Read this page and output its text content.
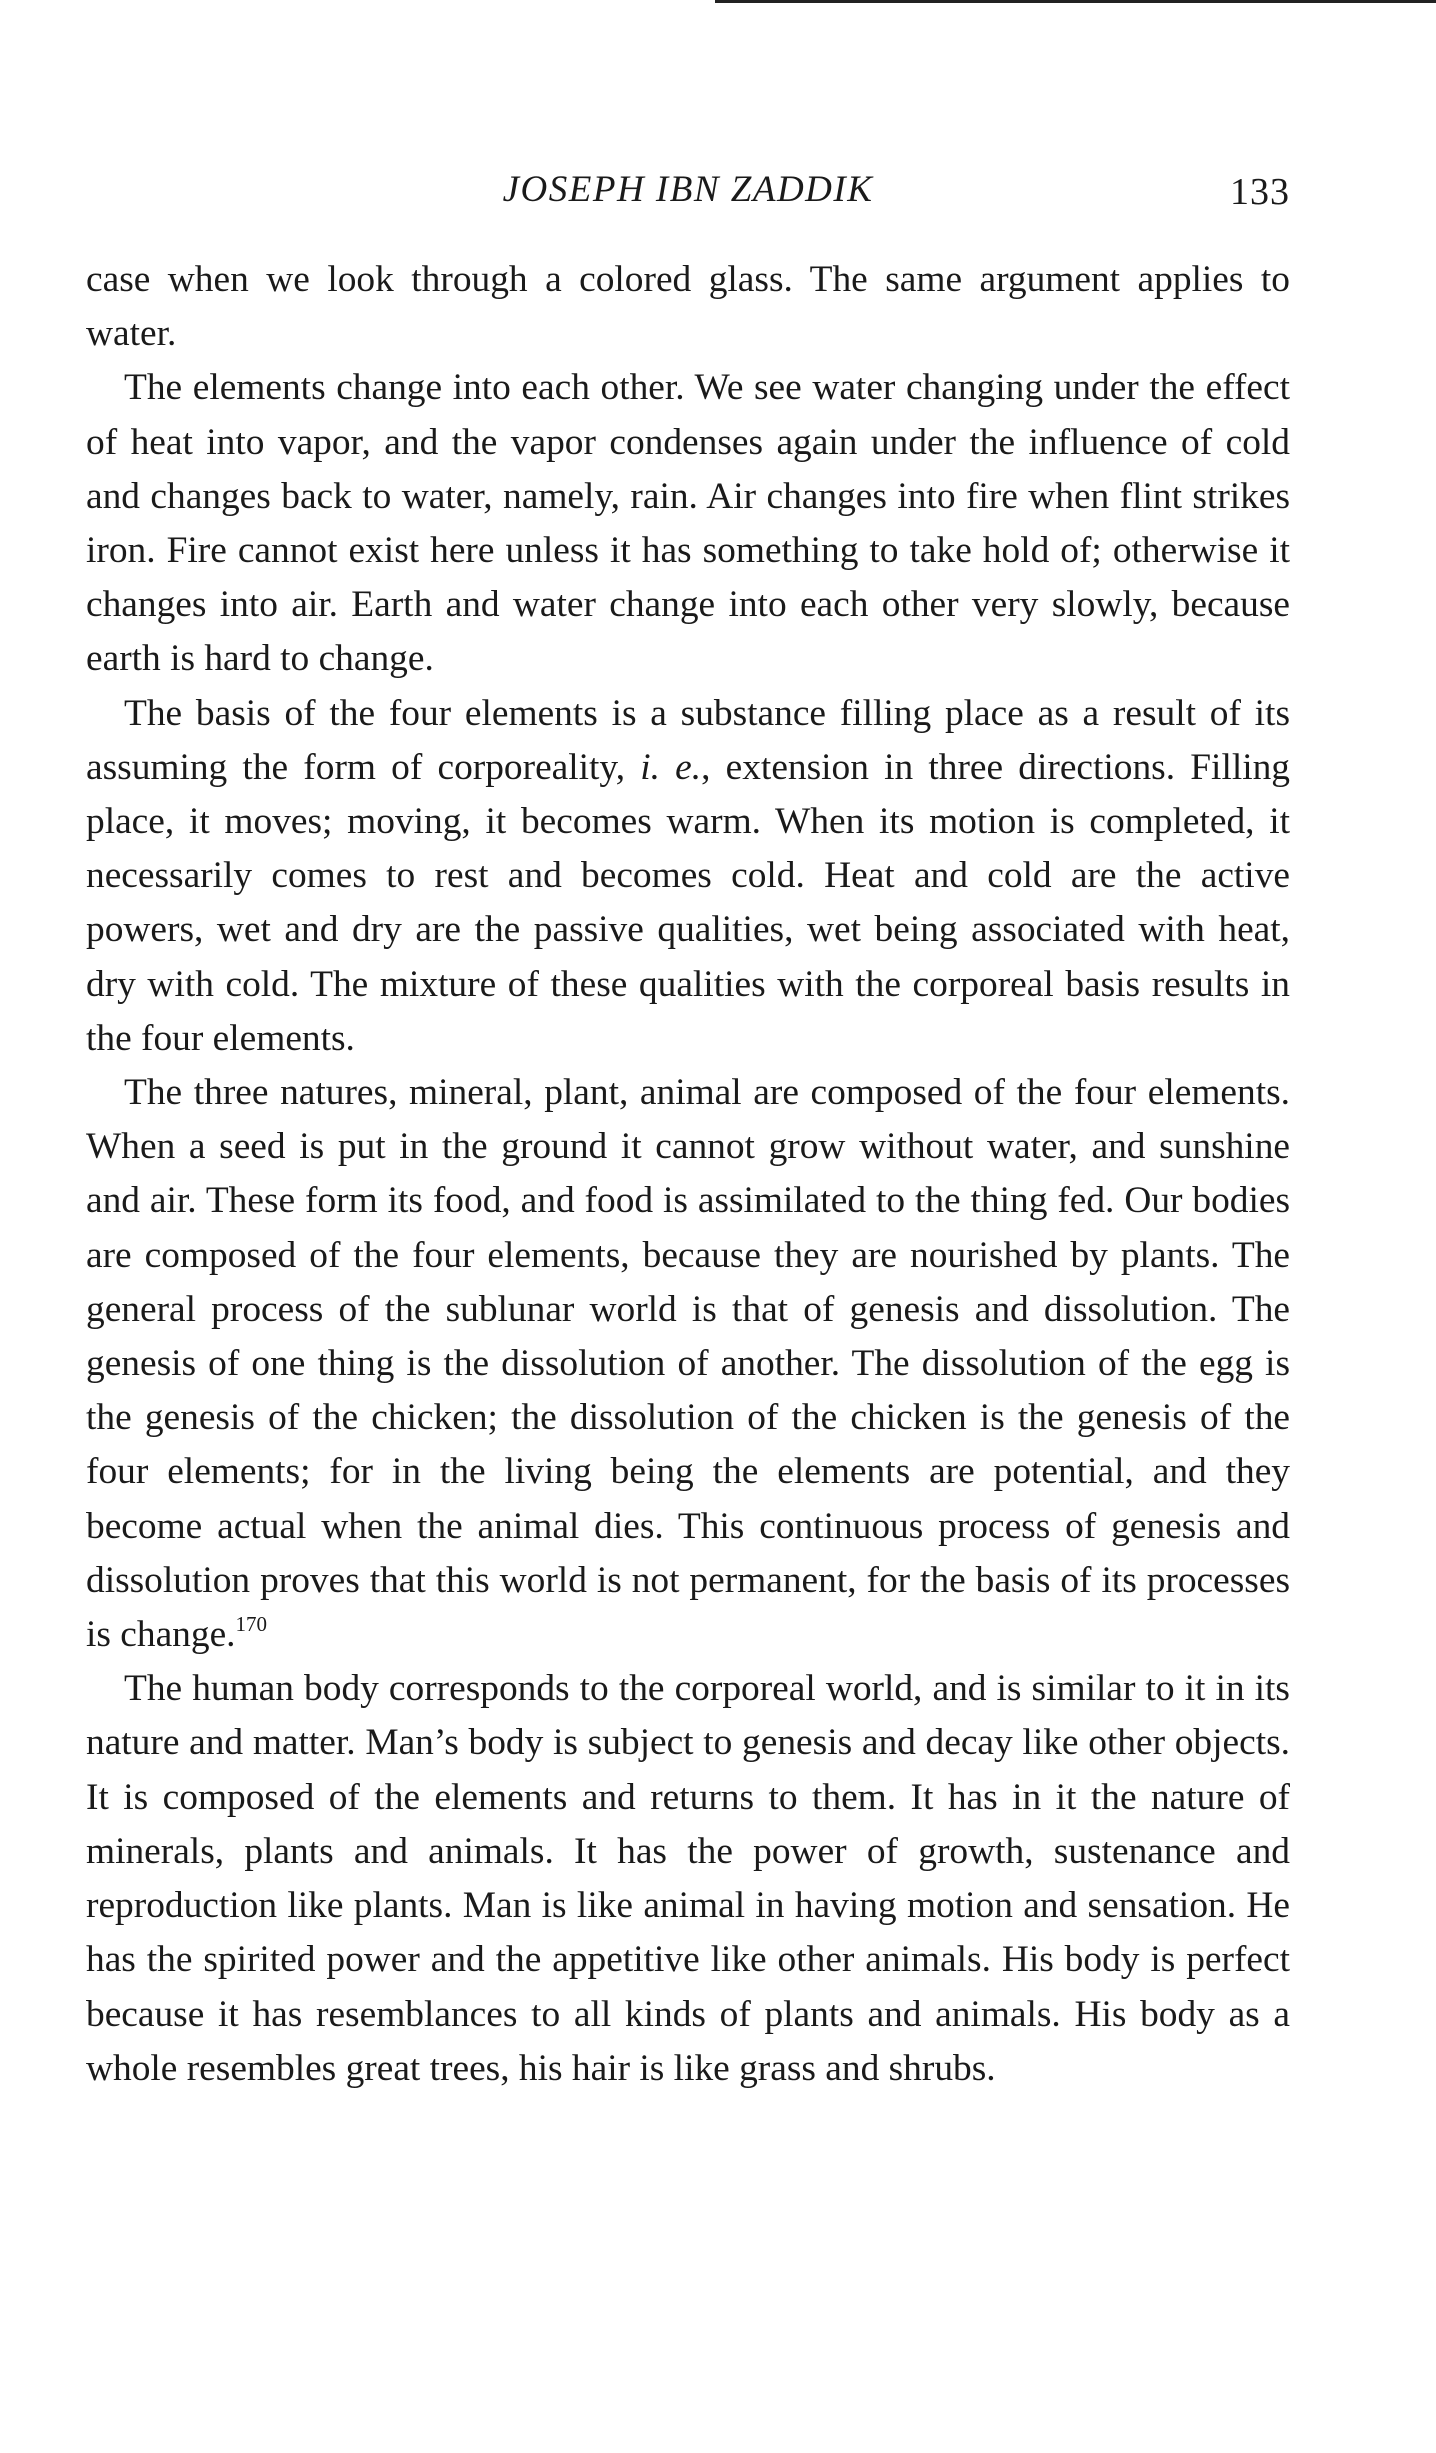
JOSEPH IBN ZADDIK	133

case when we look through a colored glass. The same argument applies to water.

The elements change into each other. We see water changing under the effect of heat into vapor, and the vapor condenses again under the influence of cold and changes back to water, namely, rain. Air changes into fire when flint strikes iron. Fire cannot exist here unless it has something to take hold of; otherwise it changes into air. Earth and water change into each other very slowly, because earth is hard to change.

The basis of the four elements is a substance filling place as a result of its assuming the form of corporeality, i. e., extension in three directions. Filling place, it moves; moving, it becomes warm. When its motion is completed, it necessarily comes to rest and becomes cold. Heat and cold are the active powers, wet and dry are the passive qualities, wet being associated with heat, dry with cold. The mixture of these qualities with the corporeal basis results in the four elements.

The three natures, mineral, plant, animal are composed of the four elements. When a seed is put in the ground it cannot grow without water, and sunshine and air. These form its food, and food is assimilated to the thing fed. Our bodies are composed of the four elements, because they are nourished by plants. The general process of the sublunar world is that of genesis and dissolution. The genesis of one thing is the dissolution of another. The dissolution of the egg is the genesis of the chicken; the dissolution of the chicken is the genesis of the four elements; for in the living being the elements are potential, and they become actual when the animal dies. This continuous process of genesis and dissolution proves that this world is not permanent, for the basis of its processes is change.$^{170}$

The human body corresponds to the corporeal world, and is similar to it in its nature and matter. Man’s body is subject to genesis and decay like other objects. It is composed of the elements and returns to them. It has in it the nature of minerals, plants and animals. It has the power of growth, sustenance and reproduction like plants. Man is like animal in having motion and sensation. He has the spirited power and the appetitive like other animals. His body is perfect because it has resemblances to all kinds of plants and animals. His body as a whole resembles great trees, his hair is like grass and shrubs.
